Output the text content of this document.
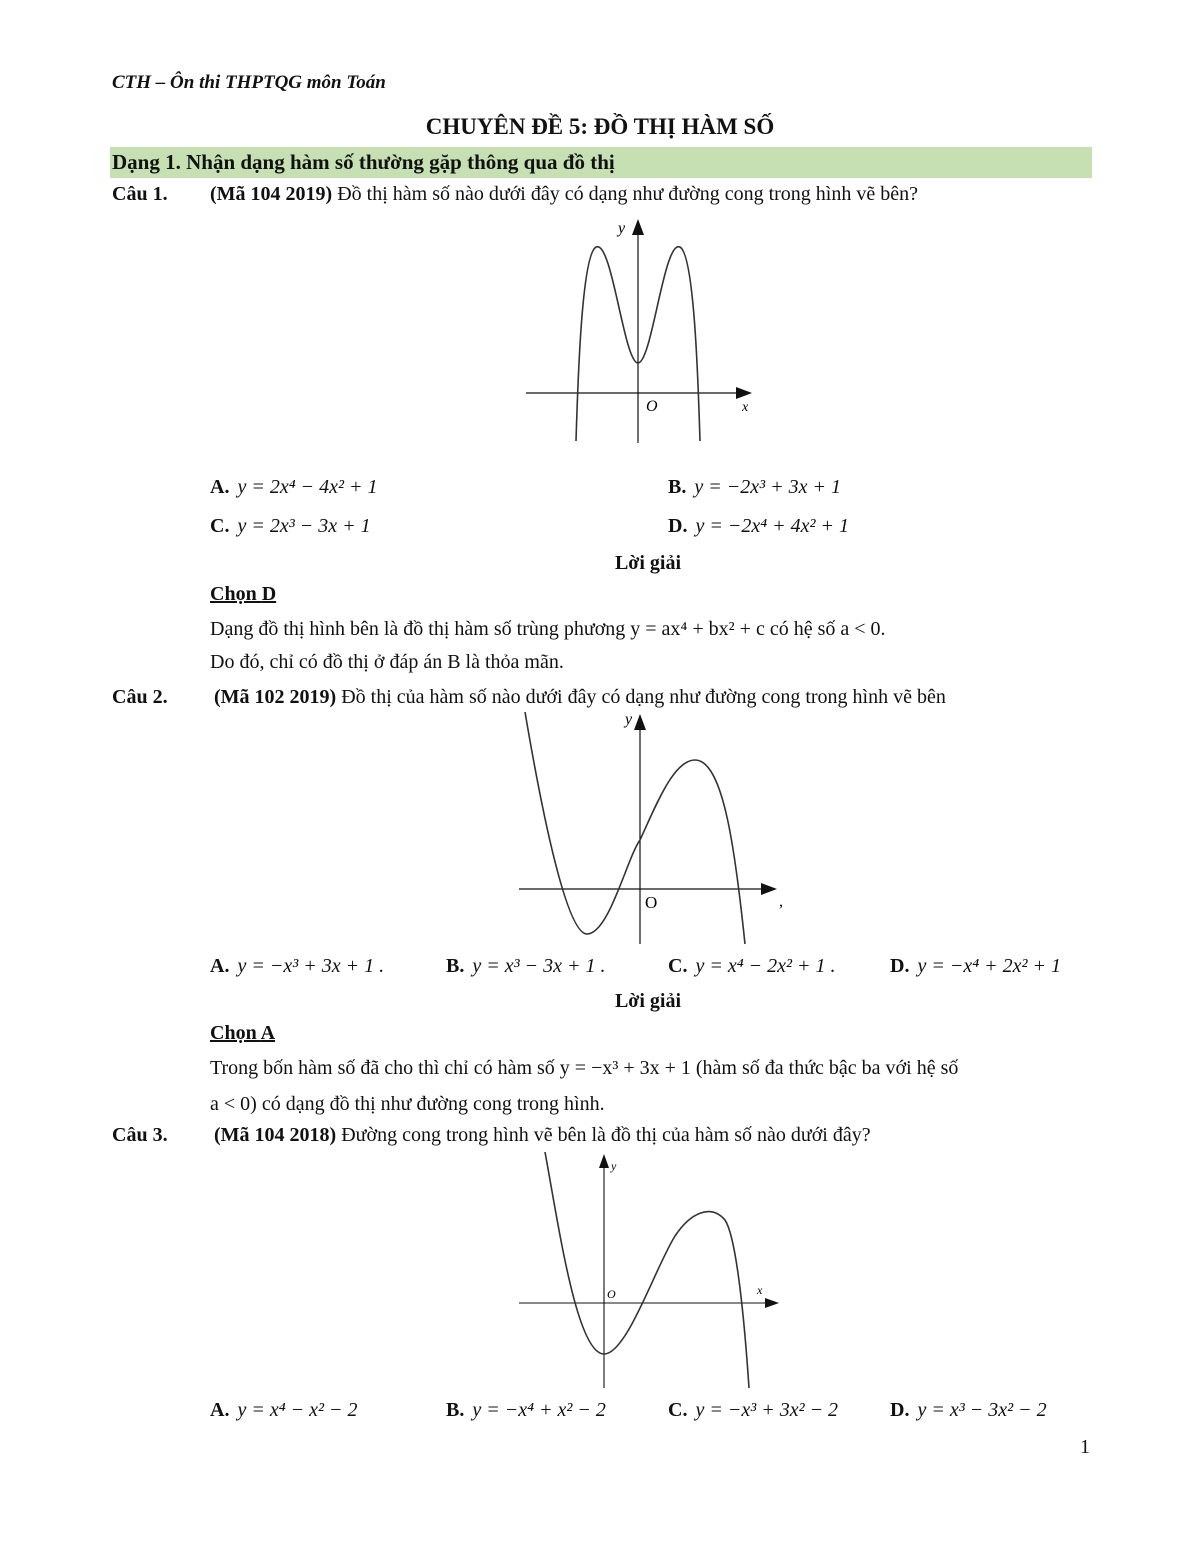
CTH – Ôn thi THPTQG môn Toán
CHUYÊN ĐỀ 5: ĐỒ THỊ HÀM SỐ
Dạng 1. Nhận dạng hàm số thường gặp thông qua đồ thị
Câu 1. (Mã 104 2019) Đồ thị hàm số nào dưới đây có dạng như đường cong trong hình vẽ bên?
y
x
O
A. y = 2x⁴ − 4x² + 1	B. y = −2x³ + 3x + 1
C. y = 2x³ − 3x + 1	D. y = −2x⁴ + 4x² + 1
Lời giải
Chọn D
Dạng đồ thị hình bên là đồ thị hàm số trùng phương y = ax⁴ + bx² + c có hệ số a < 0.
Do đó, chỉ có đồ thị ở đáp án B là thỏa mãn.
Câu 2. (Mã 102 2019) Đồ thị của hàm số nào dưới đây có dạng như đường cong trong hình vẽ bên
y
,
O
A. y = −x³ + 3x + 1 .	B. y = x³ − 3x + 1 .	C. y = x⁴ − 2x² + 1 .	D. y = −x⁴ + 2x² + 1
Lời giải
Chọn A
Trong bốn hàm số đã cho thì chỉ có hàm số y = −x³ + 3x + 1 (hàm số đa thức bậc ba với hệ số
a < 0) có dạng đồ thị như đường cong trong hình.
Câu 3. (Mã 104 2018) Đường cong trong hình vẽ bên là đồ thị của hàm số nào dưới đây?
y
x
O
A. y = x⁴ − x² − 2	B. y = −x⁴ + x² − 2	C. y = −x³ + 3x² − 2	D. y = x³ − 3x² − 2
1
